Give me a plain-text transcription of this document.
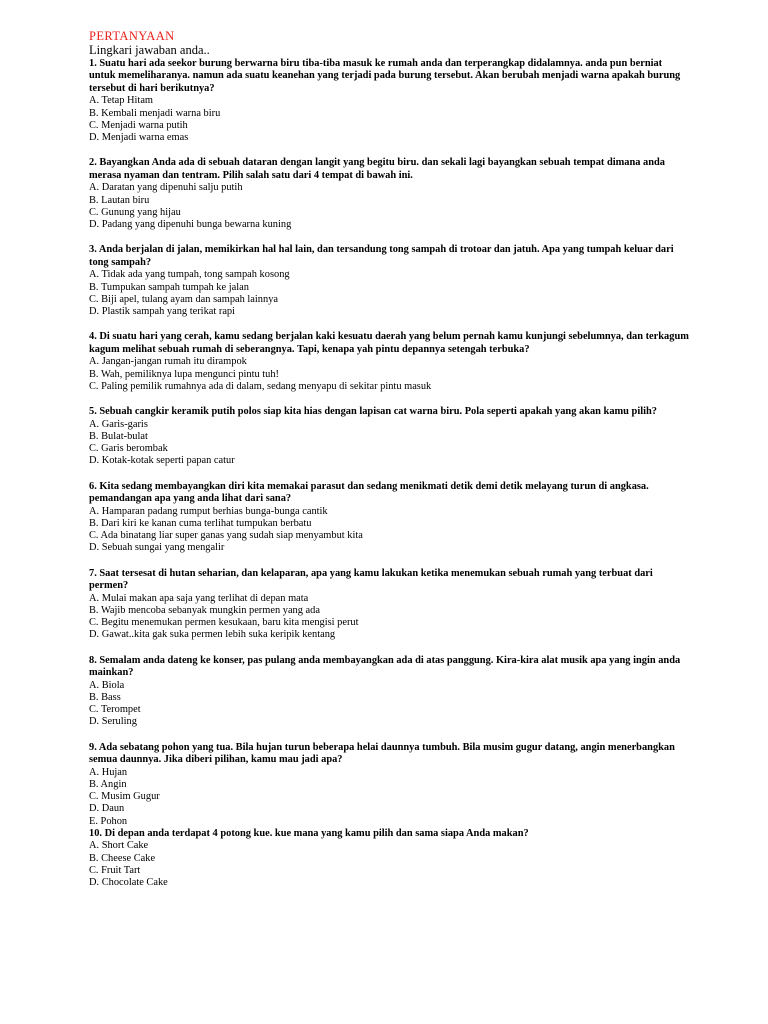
PERTANYAAN
Lingkari jawaban anda..
1. Suatu hari ada seekor burung berwarna biru tiba-tiba masuk ke rumah anda dan terperangkap didalamnya. anda pun berniat untuk memeliharanya. namun ada suatu keanehan yang terjadi pada burung tersebut. Akan berubah menjadi warna apakah burung tersebut di hari berikutnya?
A. Tetap Hitam
B. Kembali menjadi warna biru
C. Menjadi warna putih
D. Menjadi warna emas
2. Bayangkan Anda ada di sebuah dataran dengan langit yang begitu biru. dan sekali lagi bayangkan sebuah tempat dimana anda merasa nyaman dan tentram. Pilih salah satu dari 4 tempat di bawah ini.
A. Daratan yang dipenuhi salju putih
B. Lautan biru
C. Gunung yang hijau
D. Padang yang dipenuhi bunga bewarna kuning
3. Anda berjalan di jalan, memikirkan hal hal lain, dan tersandung tong sampah di trotoar dan jatuh. Apa yang tumpah keluar dari tong sampah?
A. Tidak ada yang tumpah, tong sampah kosong
B. Tumpukan sampah tumpah ke jalan
C. Biji apel, tulang ayam dan sampah lainnya
D. Plastik sampah yang terikat rapi
4. Di suatu hari yang cerah, kamu sedang berjalan kaki kesuatu daerah yang belum pernah kamu kunjungi sebelumnya, dan terkagum kagum melihat sebuah rumah di seberangnya. Tapi, kenapa yah pintu depannya setengah terbuka?
A. Jangan-jangan rumah itu dirampok
B. Wah, pemiliknya lupa mengunci pintu tuh!
C. Paling pemilik rumahnya ada di dalam, sedang menyapu di sekitar pintu masuk
5. Sebuah cangkir keramik putih polos siap kita hias dengan lapisan cat warna biru. Pola seperti apakah yang akan kamu pilih?
A. Garis-garis
B. Bulat-bulat
C. Garis berombak
D. Kotak-kotak seperti papan catur
6. Kita sedang membayangkan diri kita memakai parasut dan sedang menikmati detik demi detik melayang turun di angkasa. pemandangan apa yang anda lihat dari sana?
A. Hamparan padang rumput berhias bunga-bunga cantik
B. Dari kiri ke kanan cuma terlihat tumpukan berbatu
C. Ada binatang liar super ganas yang sudah siap menyambut kita
D. Sebuah sungai yang mengalir
7. Saat tersesat di hutan seharian, dan kelaparan, apa yang kamu lakukan ketika menemukan sebuah rumah yang terbuat dari permen?
A. Mulai makan apa saja yang terlihat di depan mata
B. Wajib mencoba sebanyak mungkin permen yang ada
C. Begitu menemukan permen kesukaan, baru kita mengisi perut
D. Gawat..kita gak suka permen lebih suka keripik kentang
8. Semalam anda dateng ke konser, pas pulang anda membayangkan ada di atas panggung. Kira-kira alat musik apa yang ingin anda mainkan?
A. Biola
B. Bass
C. Terompet
D. Seruling
9. Ada sebatang pohon yang tua. Bila hujan turun beberapa helai daunnya tumbuh. Bila musim gugur datang, angin menerbangkan semua daunnya. Jika diberi pilihan, kamu mau jadi apa?
A. Hujan
B. Angin
C. Musim Gugur
D. Daun
E. Pohon
10. Di depan anda terdapat 4 potong kue. kue mana yang kamu pilih dan sama siapa Anda makan?
A. Short Cake
B. Cheese Cake
C. Fruit Tart
D. Chocolate Cake
